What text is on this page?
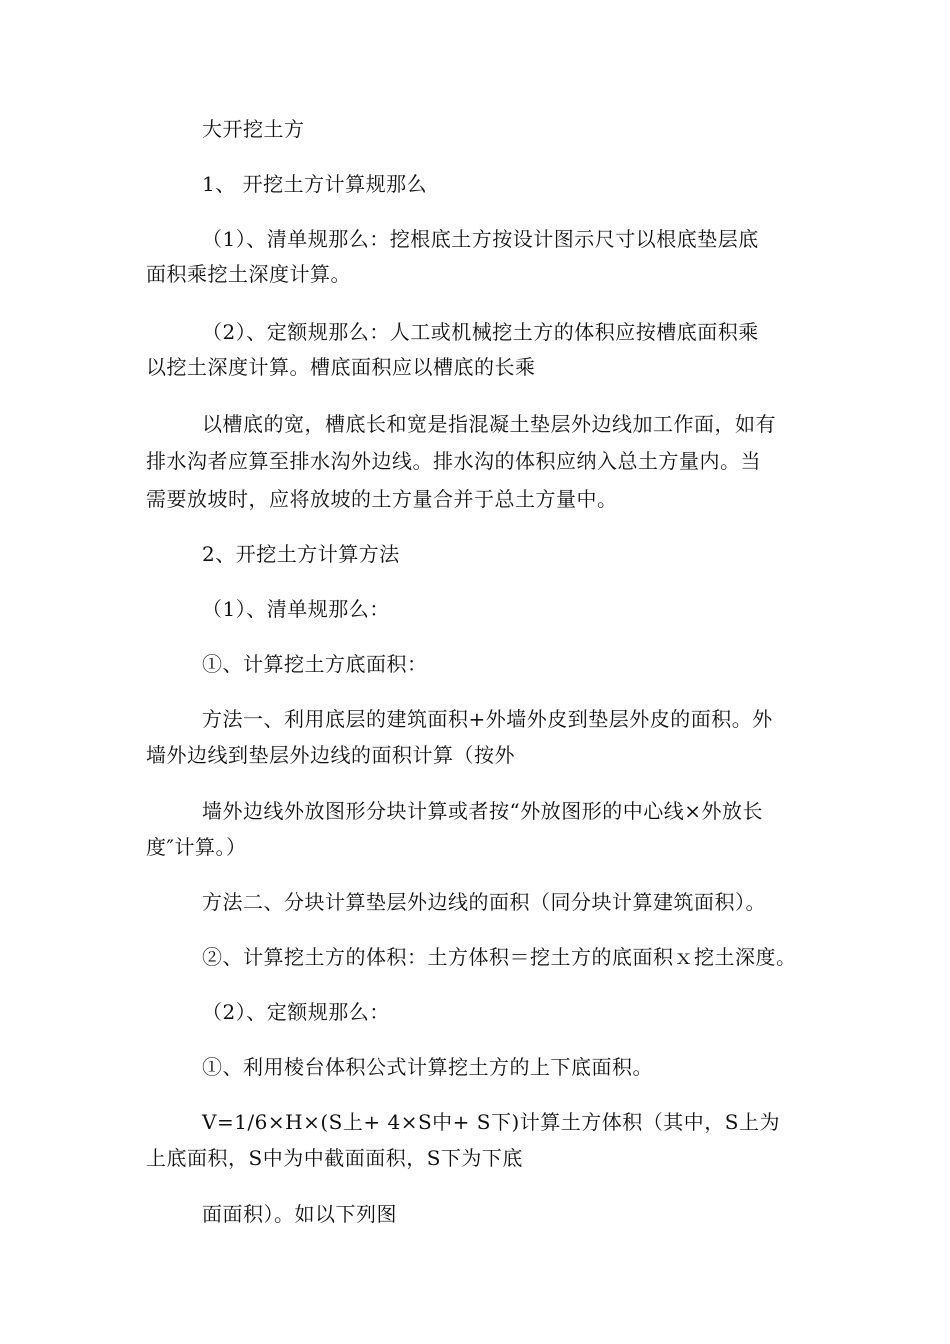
大开挖土方
1、 开挖土方计算规那么
（1）、清单规那么：挖根底土方按设计图示尺寸以根底垫层底
面积乘挖土深度计算。
（2）、定额规那么：人工或机械挖土方的体积应按槽底面积乘
以挖土深度计算。槽底面积应以槽底的长乘
以槽底的宽，槽底长和宽是指混凝土垫层外边线加工作面，如有
排水沟者应算至排水沟外边线。排水沟的体积应纳入总土方量内。当
需要放坡时，应将放坡的土方量合并于总土方量中。
2、开挖土方计算方法
（1）、清单规那么：
①、计算挖土方底面积：
方法一、利用底层的建筑面积+外墙外皮到垫层外皮的面积。外
墙外边线到垫层外边线的面积计算（按外
墙外边线外放图形分块计算或者按“外放图形的中心线×外放长
度″计算。）
方法二、分块计算垫层外边线的面积（同分块计算建筑面积）。
②、计算挖土方的体积：土方体积＝挖土方的底面积ｘ挖土深度。
（2）、定额规那么：
①、利用棱台体积公式计算挖土方的上下底面积。
V=1/6×H×(S上+ 4×S中+ S下)计算土方体积（其中，S上为
上底面积，S中为中截面面积，S下为下底
面面积）。如以下列图
